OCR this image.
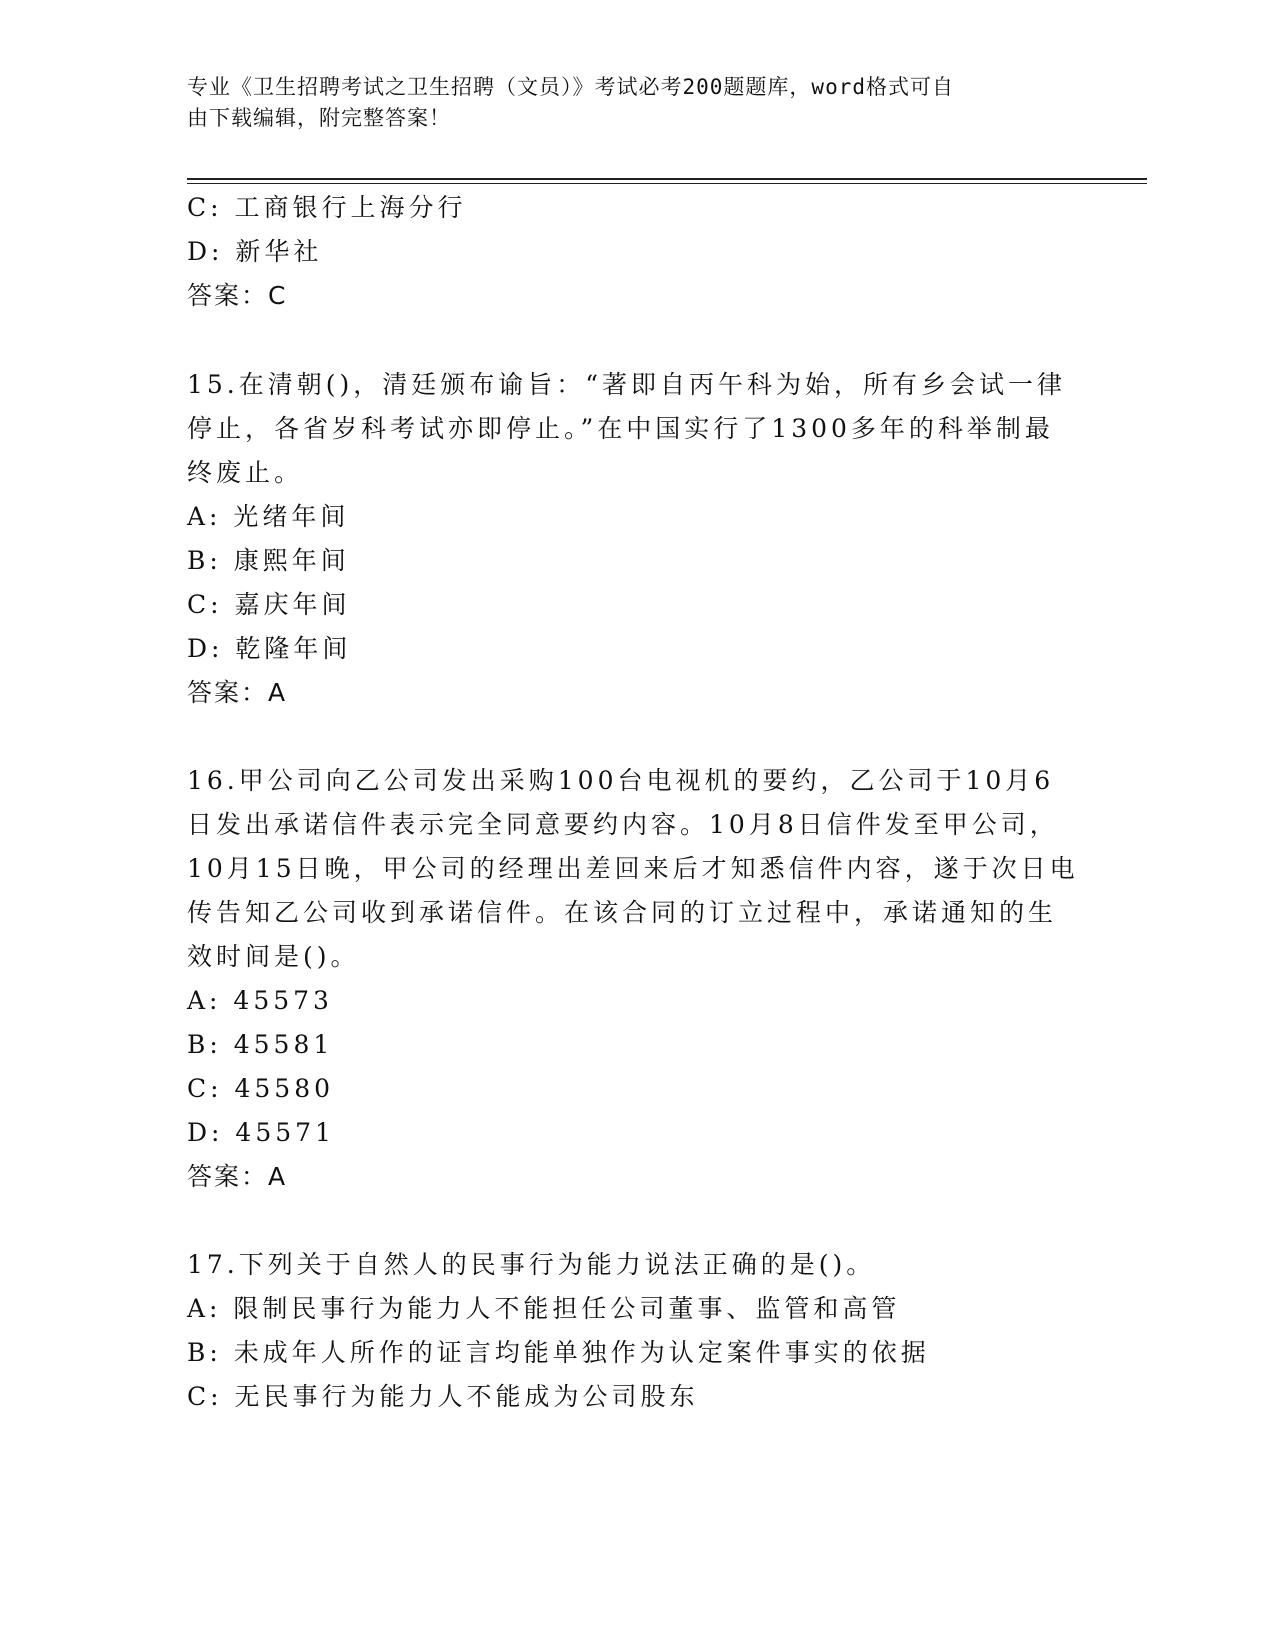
专业《卫生招聘考试之卫生招聘（文员）》考试必考200题题库，word格式可自
由下载编辑，附完整答案！
C: 工商银行上海分行
D: 新华社
答案：C
15.在清朝()，清廷颁布谕旨：“著即自丙午科为始，所有乡会试一律
停止，各省岁科考试亦即停止。”在中国实行了1300多年的科举制最
终废止。
A: 光绪年间
B: 康熙年间
C: 嘉庆年间
D: 乾隆年间
答案：A
16.甲公司向乙公司发出采购100台电视机的要约，乙公司于10月6
日发出承诺信件表示完全同意要约内容。10月8日信件发至甲公司，
10月15日晚，甲公司的经理出差回来后才知悉信件内容，遂于次日电
传告知乙公司收到承诺信件。在该合同的订立过程中，承诺通知的生
效时间是()。
A: 45573
B: 45581
C: 45580
D: 45571
答案：A
17.下列关于自然人的民事行为能力说法正确的是()。
A: 限制民事行为能力人不能担任公司董事、监管和高管
B: 未成年人所作的证言均能单独作为认定案件事实的依据
C: 无民事行为能力人不能成为公司股东
